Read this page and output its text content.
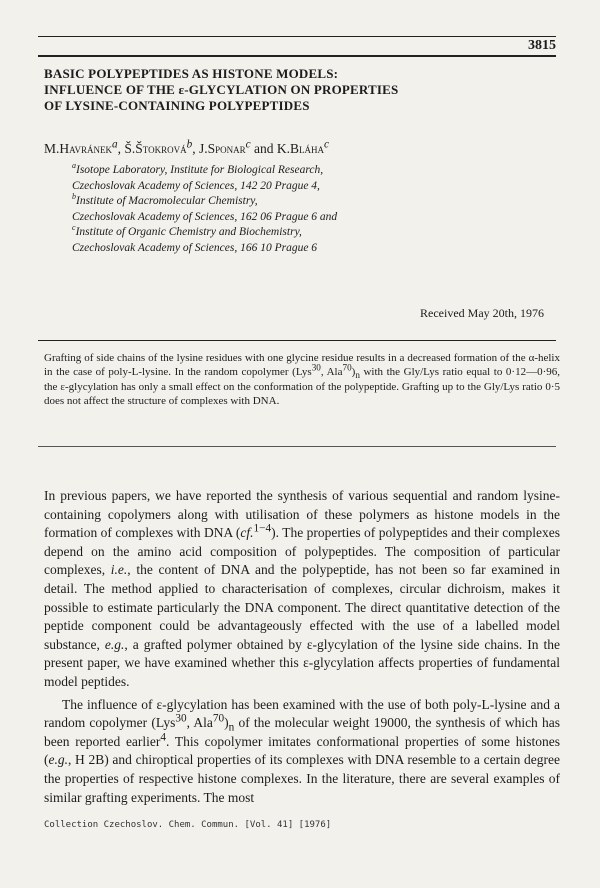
3815
BASIC POLYPEPTIDES AS HISTONE MODELS:
INFLUENCE OF THE ε-GLYCYLATION ON PROPERTIES
OF LYSINE-CONTAINING POLYPEPTIDES
M.Havránek$^a$, Š.Štokrová$^b$, J.Sponar$^c$ and K.Bláha$^c$
$^a$Isotope Laboratory, Institute for Biological Research,
Czechoslovak Academy of Sciences, 142 20 Prague 4,
$^b$Institute of Macromolecular Chemistry,
Czechoslovak Academy of Sciences, 162 06 Prague 6 and
$^c$Institute of Organic Chemistry and Biochemistry,
Czechoslovak Academy of Sciences, 166 10 Prague 6
Received May 20th, 1976
Grafting of side chains of the lysine residues with one glycine residue results in a decreased formation of the α-helix in the case of poly-L-lysine. In the random copolymer (Lys$^{30}$, $Ala^{70})_n$ with the Gly/Lys ratio equal to 0·12—0·96, the ε-glycylation has only a small effect on the conformation of the polypeptide. Grafting up to the Gly/Lys ratio 0·5 does not affect the structure of complexes with DNA.

In previous papers, we have reported the synthesis of various sequential and random lysine-containing copolymers along with utilisation of these polymers as histone models in the formation of complexes with DNA (cf.$^{1-4}$). The properties of polypeptides and their complexes depend on the amino acid composition of polypeptides. The composition of particular complexes, i.e., the content of DNA and the polypeptide, has not been so far examined in detail. The method applied to characterisation of complexes, circular dichroism, makes it possible to estimate particularly the DNA component. The direct quantitative detection of the peptide component could be advantageously effected with the use of a labelled model substance, e.g., a grafted polymer obtained by ε-glycylation of the lysine side chains. In the present paper, we have examined whether this ε-glycylation affects properties of fundamental model peptides.

The influence of ε-glycylation has been examined with the use of both poly-L-lysine and a random copolymer (Lys$^{30}$, $Ala^{70})_n$ of the molecular weight 19000, the synthesis of which has been reported earlier$^4$. This copolymer imitates conformational properties of some histones (e.g., H 2B) and chiroptical properties of its complexes with DNA resemble to a certain degree the properties of respective histone complexes. In the literature, there are several examples of similar grafting experiments. The most

Collection Czechoslov. Chem. Commun. [Vol. 41] [1976]
